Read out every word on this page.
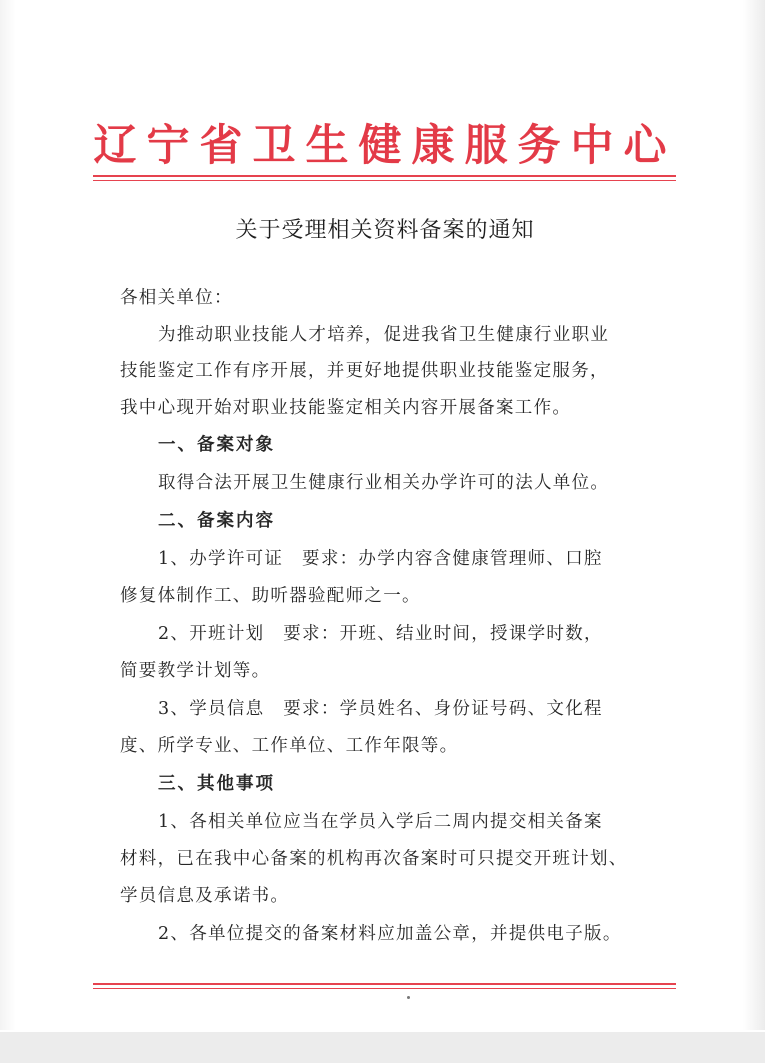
辽宁省卫生健康服务中心
关于受理相关资料备案的通知
各相关单位：
为推动职业技能人才培养，促进我省卫生健康行业职业
技能鉴定工作有序开展，并更好地提供职业技能鉴定服务，
我中心现开始对职业技能鉴定相关内容开展备案工作。
一、备案对象
取得合法开展卫生健康行业相关办学许可的法人单位。
二、备案内容
1、办学许可证　要求：办学内容含健康管理师、口腔
修复体制作工、助听器验配师之一。
2、开班计划　要求：开班、结业时间，授课学时数，
简要教学计划等。
3、学员信息　要求：学员姓名、身份证号码、文化程
度、所学专业、工作单位、工作年限等。
三、其他事项
1、各相关单位应当在学员入学后二周内提交相关备案
材料，已在我中心备案的机构再次备案时可只提交开班计划、
学员信息及承诺书。
2、各单位提交的备案材料应加盖公章，并提供电子版。
